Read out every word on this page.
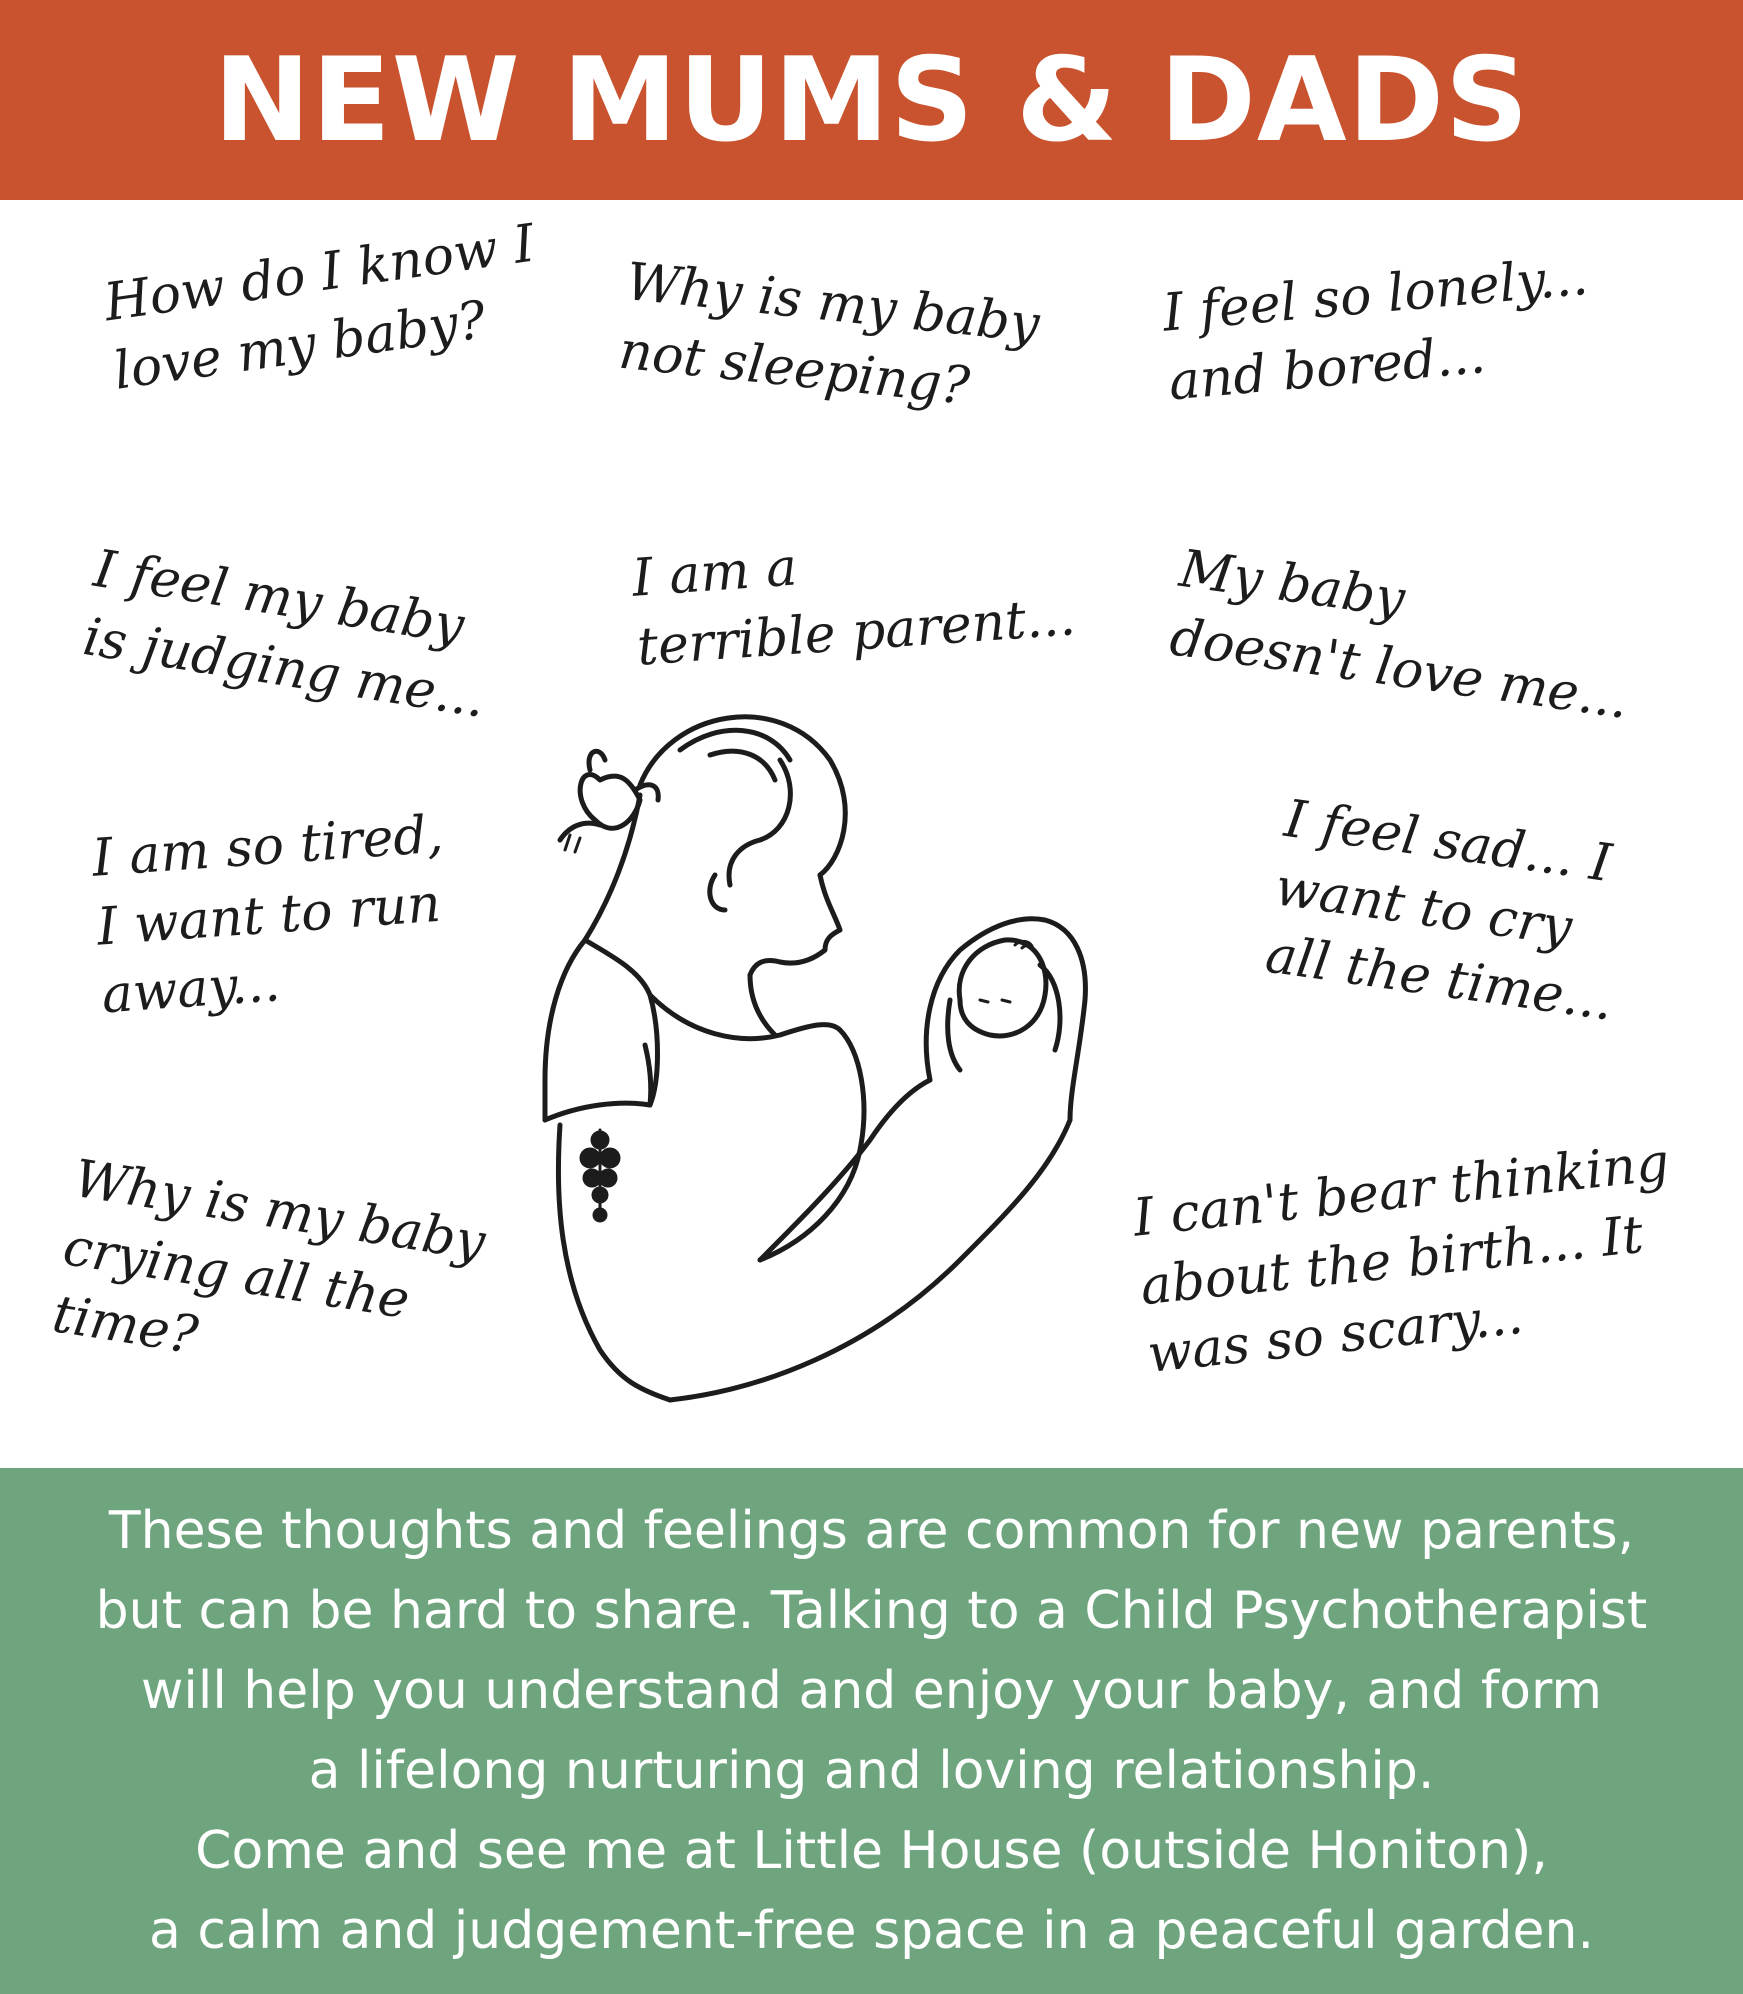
NEW MUMS & DADS

How do I know I
love my baby?	Why is my baby
not sleeping?

I feel so lonely...
and bored...

I feel my baby
is judging me...

I am a
terrible parent...

My baby
doesn't love me...

I am so tired,
I want to run
away...

I feel sad... I
want to cry
all the time...

Why is my baby
crying all the
time?

I can't bear thinking
about the birth... It
was so scary...

These thoughts and feelings are common for new parents,
but can be hard to share. Talking to a Child Psychotherapist
will help you understand and enjoy your baby, and form
a lifelong nurturing and loving relationship.
Come and see me at Little House (outside Honiton),
a calm and judgement-free space in a peaceful garden.
